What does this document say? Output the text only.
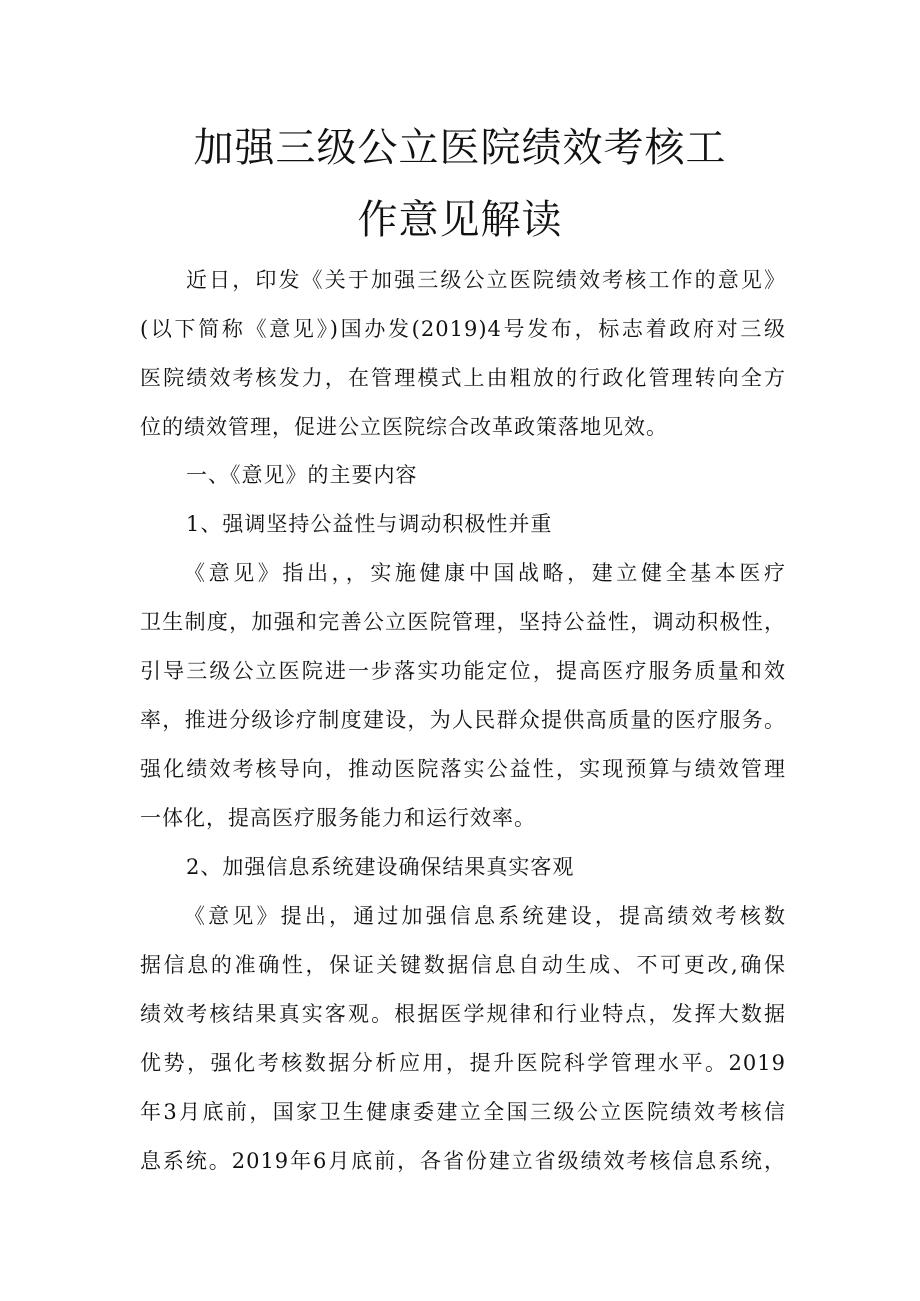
加强三级公立医院绩效考核工
作意见解读
近日，印发《关于加强三级公立医院绩效考核工作的意见》
(以下简称《意见》)国办发(2019)4号发布，标志着政府对三级
医院绩效考核发力，在管理模式上由粗放的行政化管理转向全方
位的绩效管理，促进公立医院综合改革政策落地见效。
一、《意见》的主要内容
1、强调坚持公益性与调动积极性并重
《意见》指出，，实施健康中国战略，建立健全基本医疗
卫生制度，加强和完善公立医院管理，坚持公益性，调动积极性，
引导三级公立医院进一步落实功能定位，提高医疗服务质量和效
率，推进分级诊疗制度建设，为人民群众提供高质量的医疗服务。
强化绩效考核导向，推动医院落实公益性，实现预算与绩效管理
一体化，提高医疗服务能力和运行效率。
2、加强信息系统建设确保结果真实客观
《意见》提出，通过加强信息系统建设，提高绩效考核数
据信息的准确性，保证关键数据信息自动生成、不可更改,确保
绩效考核结果真实客观。根据医学规律和行业特点，发挥大数据
优势，强化考核数据分析应用，提升医院科学管理水平。2019
年3月底前，国家卫生健康委建立全国三级公立医院绩效考核信
息系统。2019年6月底前，各省份建立省级绩效考核信息系统，
